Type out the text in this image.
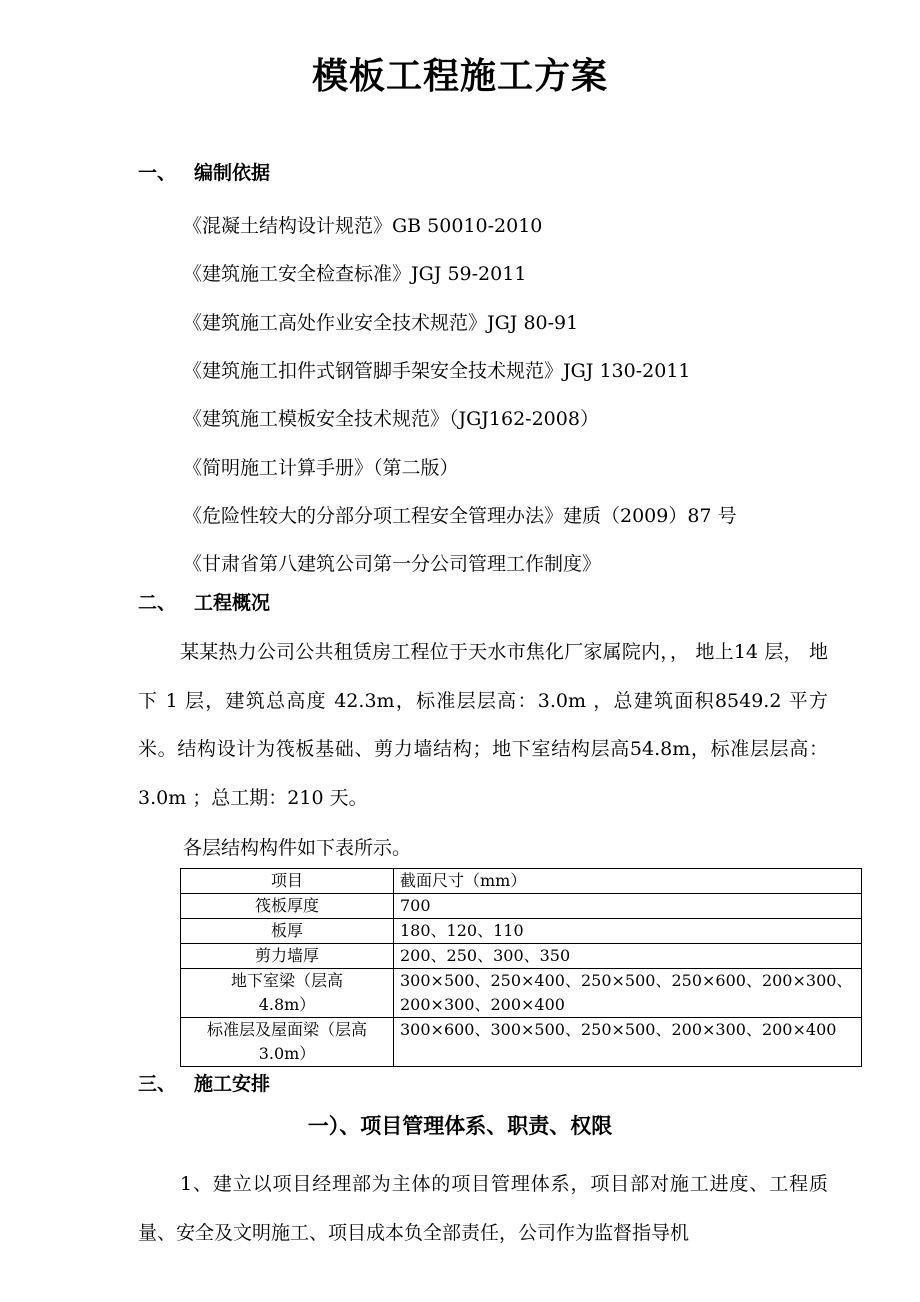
模板工程施工方案
一、 编制依据
《混凝土结构设计规范》GB 50010-2010
《建筑施工安全检查标准》JGJ 59-2011
《建筑施工高处作业安全技术规范》JGJ 80-91
《建筑施工扣件式钢管脚手架安全技术规范》JGJ 130-2011
《建筑施工模板安全技术规范》（JGJ162-2008）
《简明施工计算手册》（第二版）
《危险性较大的分部分项工程安全管理办法》建质（2009）87 号
《甘肃省第八建筑公司第一分公司管理工作制度》
二、 工程概况
某某热力公司公共租赁房工程位于天水市焦化厂家属院内，， 地上14 层， 地下 1 层，建筑总高度 42.3m，标准层层高：3.0m ，总建筑面积8549.2 平方米。结构设计为筏板基础、剪力墙结构；地下室结构层高54.8m，标准层层高：3.0m ；总工期：210 天。
各层结构构件如下表所示。
项目	截面尺寸（mm）
筏板厚度	700
板厚	180、120、110
剪力墙厚	200、250、300、350
地下室梁（层高 4.8m）	300×500、250×400、250×500、250×600、200×300、200×300、200×400
标准层及屋面梁（层高 3.0m）	300×600、300×500、250×500、200×300、200×400
三、 施工安排
一）、项目管理体系、职责、权限
1、建立以项目经理部为主体的项目管理体系，项目部对施工进度、工程质量、安全及文明施工、项目成本负全部责任，公司作为监督指导机
